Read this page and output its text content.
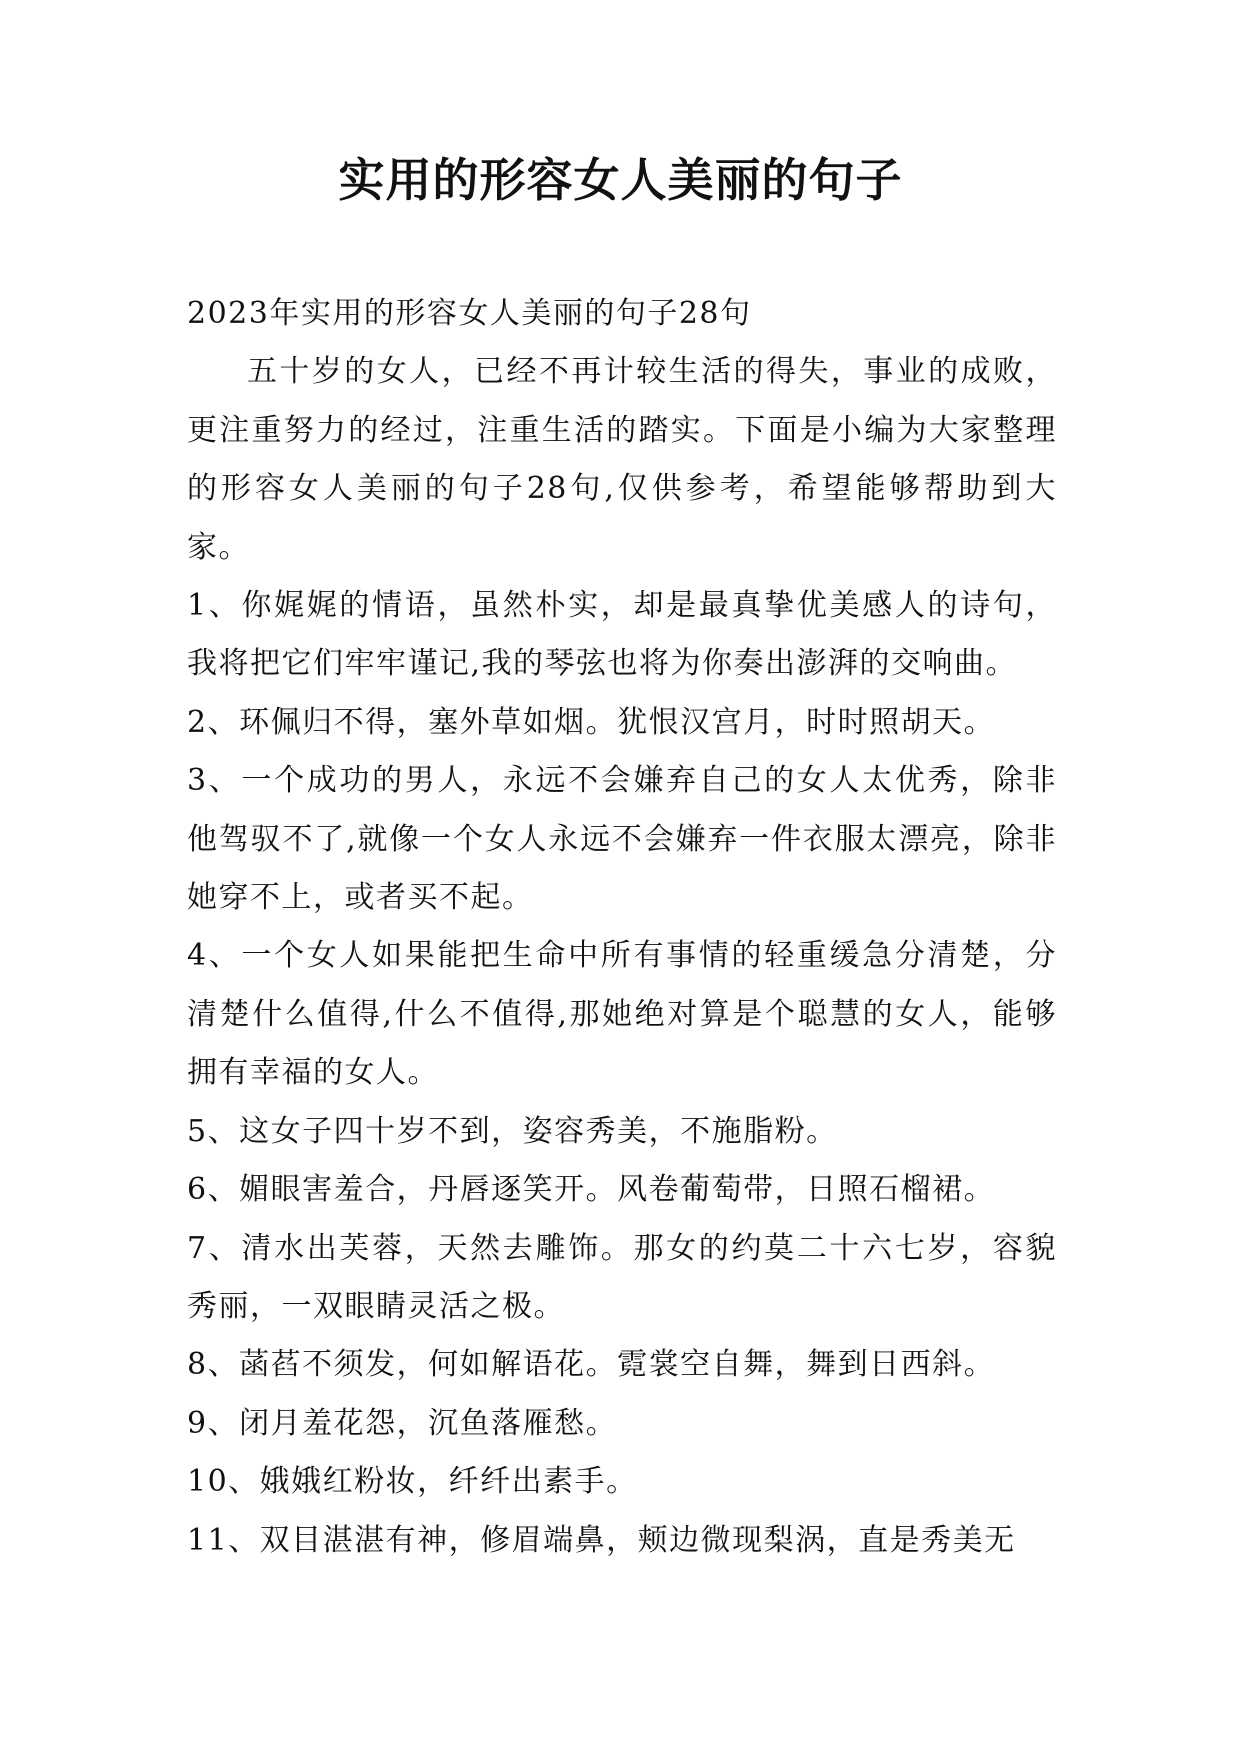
实用的形容女人美丽的句子

2023年实用的形容女人美丽的句子28句

五十岁的女人，已经不再计较生活的得失，事业的成败，更注重努力的经过，注重生活的踏实。下面是小编为大家整理的形容女人美丽的句子28句,仅供参考，希望能够帮助到大家。

1、你娓娓的情语，虽然朴实，却是最真挚优美感人的诗句，我将把它们牢牢谨记,我的琴弦也将为你奏出澎湃的交响曲。

2、环佩归不得，塞外草如烟。犹恨汉宫月，时时照胡天。

3、一个成功的男人，永远不会嫌弃自己的女人太优秀，除非他驾驭不了,就像一个女人永远不会嫌弃一件衣服太漂亮，除非她穿不上，或者买不起。

4、一个女人如果能把生命中所有事情的轻重缓急分清楚，分清楚什么值得,什么不值得,那她绝对算是个聪慧的女人，能够拥有幸福的女人。

5、这女子四十岁不到，姿容秀美，不施脂粉。

6、媚眼害羞合，丹唇逐笑开。风卷葡萄带，日照石榴裙。

7、清水出芙蓉，天然去雕饰。那女的约莫二十六七岁，容貌秀丽，一双眼睛灵活之极。

8、菡萏不须发，何如解语花。霓裳空自舞，舞到日西斜。

9、闭月羞花怨，沉鱼落雁愁。

10、娥娥红粉妆，纤纤出素手。

11、双目湛湛有神，修眉端鼻，颊边微现梨涡，直是秀美无
